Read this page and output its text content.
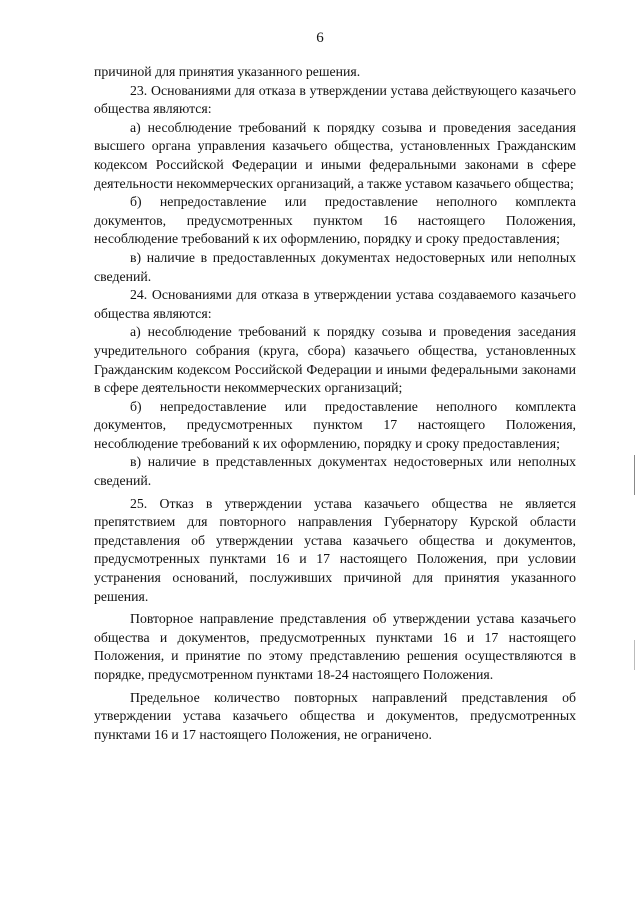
6

причиной для принятия указанного решения.

23. Основаниями для отказа в утверждении устава действующего казачьего общества являются:

а) несоблюдение требований к порядку созыва и проведения заседания высшего органа управления казачьего общества, установленных Гражданским кодексом Российской Федерации и иными федеральными законами в сфере деятельности некоммерческих организаций, а также уставом казачьего общества;

б) непредоставление или предоставление неполного комплекта документов, предусмотренных пунктом 16 настоящего Положения, несоблюдение требований к их оформлению, порядку и сроку предоставления;

в) наличие в предоставленных документах недостоверных или неполных сведений.

24. Основаниями для отказа в утверждении устава создаваемого казачьего общества являются:

а) несоблюдение требований к порядку созыва и проведения заседания учредительного собрания (круга, сбора) казачьего общества, установленных Гражданским кодексом Российской Федерации и иными федеральными законами в сфере деятельности некоммерческих организаций;

б) непредоставление или предоставление неполного комплекта документов, предусмотренных пунктом 17 настоящего Положения, несоблюдение требований к их оформлению, порядку и сроку предоставления;

в) наличие в представленных документах недостоверных или неполных сведений.

25. Отказ в утверждении устава казачьего общества не является препятствием для повторного направления Губернатору Курской области представления об утверждении устава казачьего общества и документов, предусмотренных пунктами 16 и 17 настоящего Положения, при условии устранения оснований, послуживших причиной для принятия указанного решения.

Повторное направление представления об утверждении устава казачьего общества и документов, предусмотренных пунктами 16 и 17 настоящего Положения, и принятие по этому представлению решения осуществляются в порядке, предусмотренном пунктами 18-24 настоящего Положения.

Предельное количество повторных направлений представления об утверждении устава казачьего общества и документов, предусмотренных пунктами 16 и 17 настоящего Положения, не ограничено.
